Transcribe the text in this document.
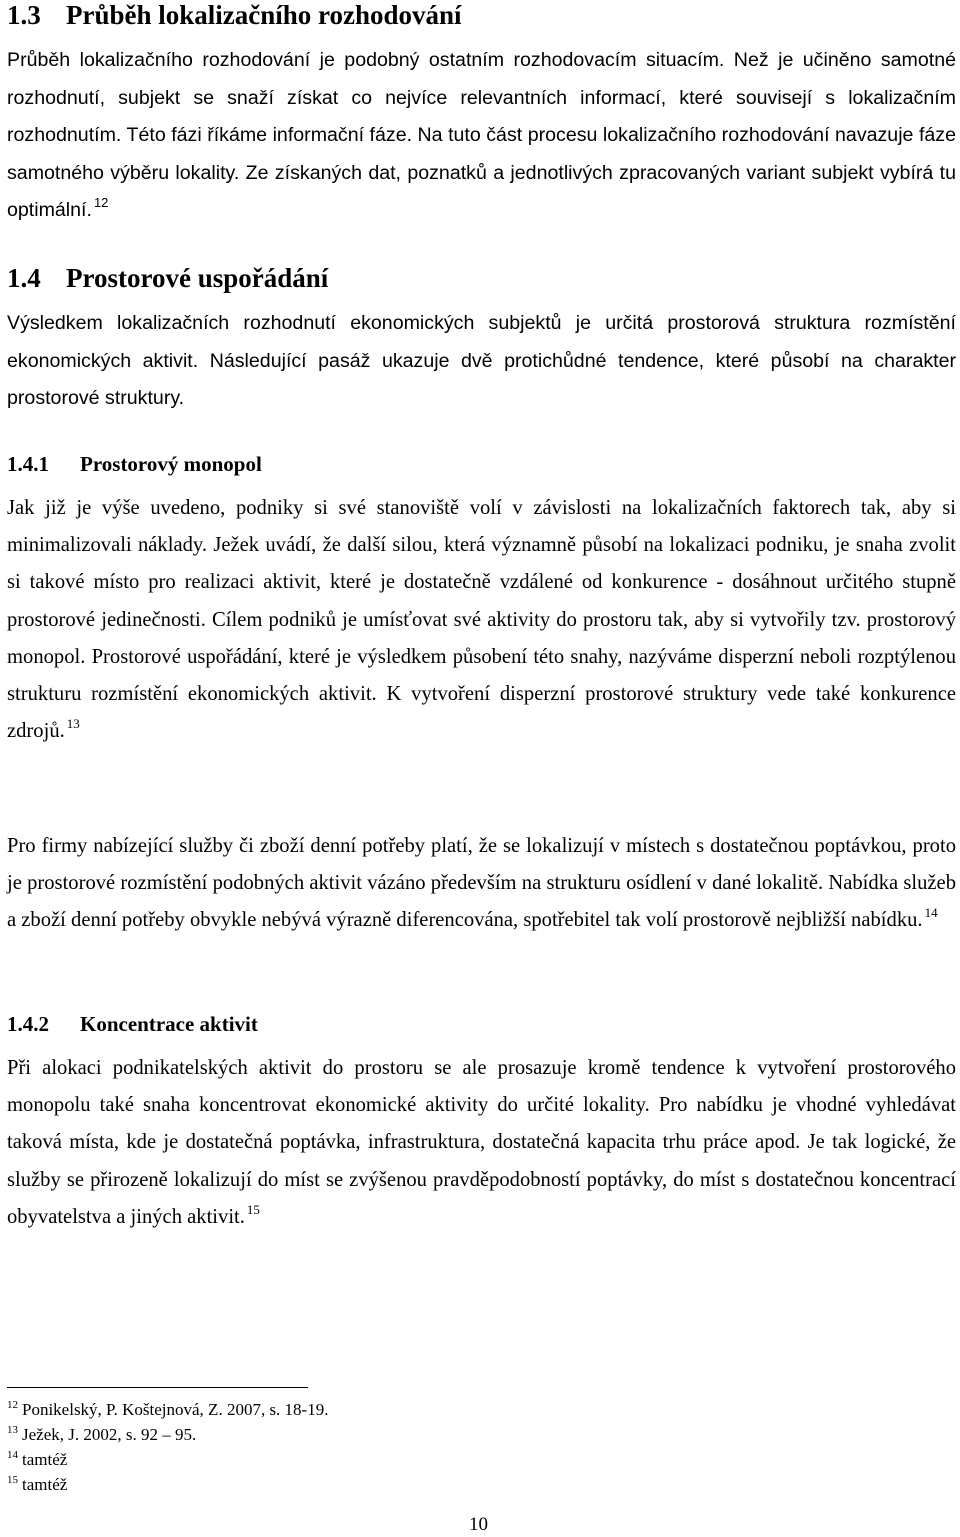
1.3 Průběh lokalizačního rozhodování

Průběh lokalizačního rozhodování je podobný ostatním rozhodovacím situacím. Než je učiněno samotné rozhodnutí, subjekt se snaží získat co nejvíce relevantních informací, které souvisejí s lokalizačním rozhodnutím. Této fázi říkáme informační fáze. Na tuto část procesu lokalizačního rozhodování navazuje fáze samotného výběru lokality. Ze získaných dat, poznatků a jednotlivých zpracovaných variant subjekt vybírá tu optimální. $^{12}$

1.4 Prostorové uspořádání

Výsledkem lokalizačních rozhodnutí ekonomických subjektů je určitá prostorová struktura rozmístění ekonomických aktivit. Následující pasáž ukazuje dvě protichůdné tendence, které působí na charakter prostorové struktury.

1.4.1 Prostorový monopol

Jak již je výše uvedeno, podniky si své stanoviště volí v závislosti na lokalizačních faktorech tak, aby si minimalizovali náklady. Ježek uvádí, že další silou, která významně působí na lokalizaci podniku, je snaha zvolit si takové místo pro realizaci aktivit, které je dostatečně vzdálené od konkurence - dosáhnout určitého stupně prostorové jedinečnosti. Cílem podniků je umísťovat své aktivity do prostoru tak, aby si vytvořily tzv. prostorový monopol. Prostorové uspořádání, které je výsledkem působení této snahy, nazýváme disperzní neboli rozptýlenou strukturu rozmístění ekonomických aktivit. K vytvoření disperzní prostorové struktury vede také konkurence zdrojů. $^{13}$

Pro firmy nabízející služby či zboží denní potřeby platí, že se lokalizují v místech s dostatečnou poptávkou, proto je prostorové rozmístění podobných aktivit vázáno především na strukturu osídlení v dané lokalitě. Nabídka služeb a zboží denní potřeby obvykle nebývá výrazně diferencována, spotřebitel tak volí prostorově nejbližší nabídku. $^{14}$

1.4.2 Koncentrace aktivit

Při alokaci podnikatelských aktivit do prostoru se ale prosazuje kromě tendence k vytvoření prostorového monopolu také snaha koncentrovat ekonomické aktivity do určité lokality. Pro nabídku je vhodné vyhledávat taková místa, kde je dostatečná poptávka, infrastruktura, dostatečná kapacita trhu práce apod. Je tak logické, že služby se přirozeně lokalizují do míst se zvýšenou pravděpodobností poptávky, do míst s dostatečnou koncentrací obyvatelstva a jiných aktivit. $^{15}$

$^{12}$ Ponikelský, P. Koštejnová, Z. 2007, s. 18-19.
$^{13}$ Ježek, J. 2002, s. 92 – 95.
$^{14}$ tamtéž
$^{15}$ tamtéž
10
